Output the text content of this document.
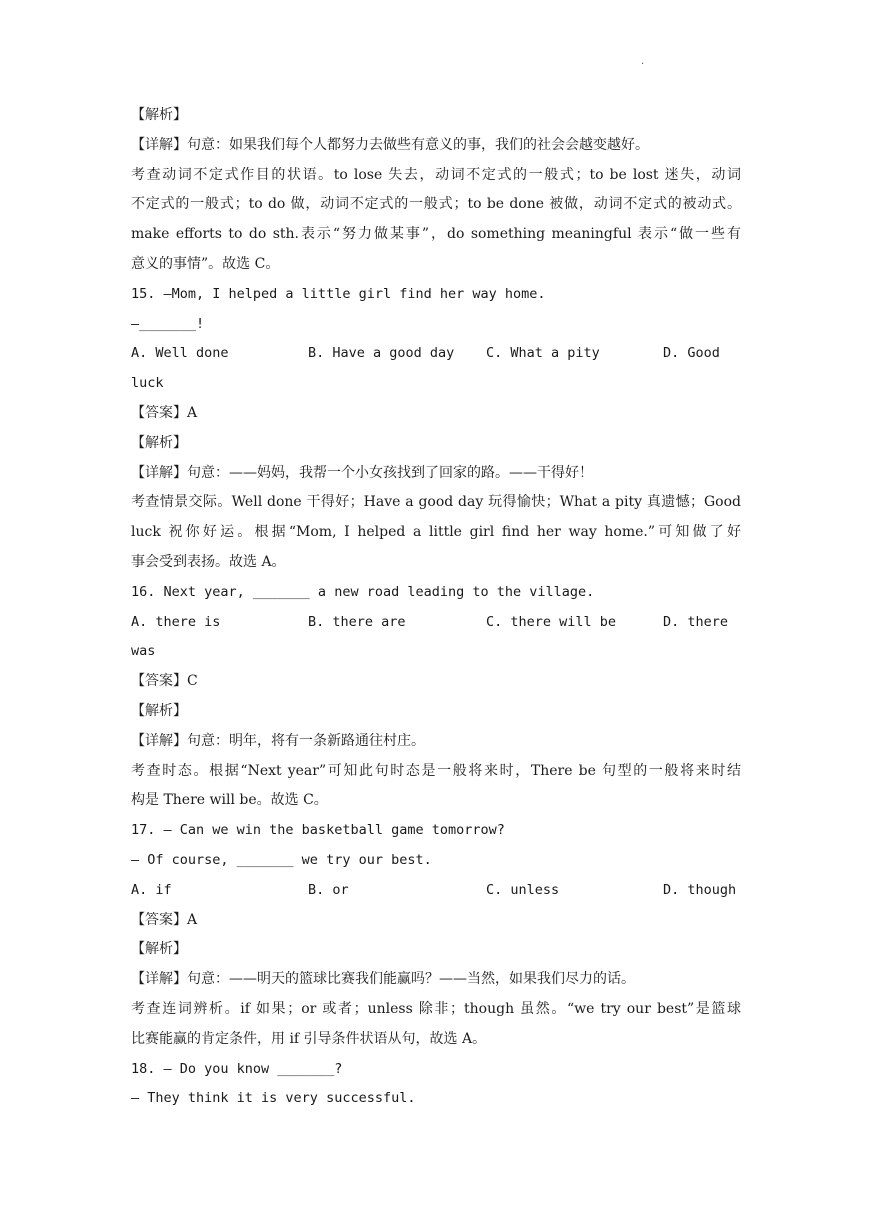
.
【解析】
【详解】句意：如果我们每个人都努力去做些有意义的事，我们的社会会越变越好。
考查动词不定式作目的状语。to lose 失去，动词不定式的一般式；to be lost 迷失，动词
不定式的一般式；to do 做，动词不定式的一般式；to be done 被做，动词不定式的被动式。
make efforts to do sth.表示“努力做某事”，do something meaningful 表示“做一些有
意义的事情”。故选 C。
15. —Mom, I helped a little girl find her way home.
—_______!
A. Well done	B. Have a good day C. What a pity	D. Good
luck
【答案】A
【解析】
【详解】句意：——妈妈，我帮一个小女孩找到了回家的路。——干得好！
考查情景交际。Well done 干得好；Have a good day 玩得愉快；What a pity 真遗憾；Good
luck 祝你好运。根据“Mom, I helped a little girl find her way home.”可知做了好
事会受到表扬。故选 A。
16. Next year, _______ a new road leading to the village.
A. there is	B. there are	C. there will be	D. there
was
【答案】C
【解析】
【详解】句意：明年，将有一条新路通往村庄。
考查时态。根据“Next year”可知此句时态是一般将来时，There be 句型的一般将来时结
构是 There will be。故选 C。
17. — Can we win the basketball game tomorrow?
— Of course, _______ we try our best.
A. if	B. or	C. unless	D. though
【答案】A
【解析】
【详解】句意：——明天的篮球比赛我们能赢吗？——当然，如果我们尽力的话。
考查连词辨析。if 如果；or 或者；unless 除非；though 虽然。“we try our best”是篮球
比赛能赢的肯定条件，用 if 引导条件状语从句，故选 A。
18. — Do you know _______?
— They think it is very successful.
